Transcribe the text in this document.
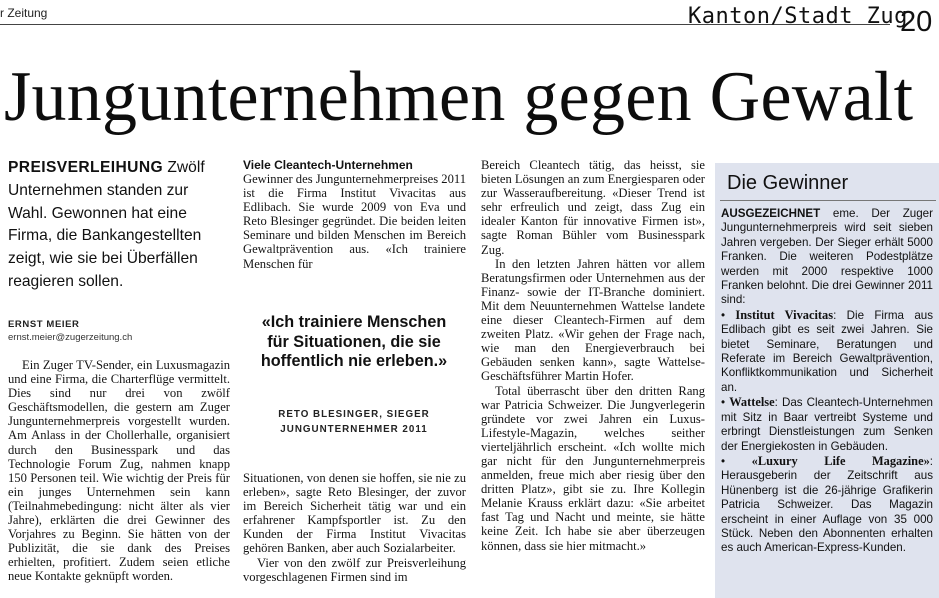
r Zeitung	Kanton/Stadt Zug
20
Jungunternehmen gegen Gewalt
PREISVERLEIHUNG Zwölf Unternehmen standen zur Wahl. Gewonnen hat eine Firma, die Bankangestellten zeigt, wie sie bei Überfällen reagieren sollen.
ERNST MEIER
ernst.meier@zugerzeitung.ch

Ein Zuger TV-Sender, ein Luxusmagazin und eine Firma, die Charterflüge vermittelt. Dies sind nur drei von zwölf Geschäftsmodellen, die gestern am Zuger Jungunternehmerpreis vorgestellt wurden. Am Anlass in der Chollerhalle, organisiert durch den Businesspark und das Technologie Forum Zug, nahmen knapp 150 Personen teil. Wie wichtig der Preis für ein junges Unternehmen sein kann (Teilnahmebedingung: nicht älter als vier Jahre), erklärten die drei Gewinner des Vorjahres zu Beginn. Sie hätten von der Publizität, die sie dank des Preises erhielten, profitiert. Zudem seien etliche neue Kontakte geknüpft worden.

Viele Cleantech-Unternehmen

Gewinner des Jungunternehmerpreises 2011 ist die Firma Institut Vivacitas aus Edlibach. Sie wurde 2009 von Eva und Reto Blesinger gegründet. Die beiden leiten Seminare und bilden Menschen im Bereich Gewaltprävention aus. «Ich trainiere Menschen für

«Ich trainiere Menschen für Situationen, die sie hoffentlich nie erleben.»
RETO BLESINGER, SIEGER JUNGUNTERNEHMER 2011

Situationen, von denen sie hoffen, sie nie zu erleben», sagte Reto Blesinger, der zuvor im Bereich Sicherheit tätig war und ein erfahrener Kampfsportler ist. Zu den Kunden der Firma Institut Vivacitas gehören Banken, aber auch Sozialarbeiter.

Vier von den zwölf zur Preisverleihung vorgeschlagenen Firmen sind im

Bereich Cleantech tätig, das heisst, sie bieten Lösungen an zum Energiesparen oder zur Wasseraufbereitung. «Dieser Trend ist sehr erfreulich und zeigt, dass Zug ein idealer Kanton für innovative Firmen ist», sagte Roman Bühler vom Businesspark Zug.

In den letzten Jahren hätten vor allem Beratungsfirmen oder Unternehmen aus der Finanz- sowie der IT-Branche dominiert. Mit dem Neuunternehmen Wattelse landete eine dieser Cleantech-Firmen auf dem zweiten Platz. «Wir gehen der Frage nach, wie man den Energieverbrauch bei Gebäuden senken kann», sagte Wattelse-Geschäftsführer Martin Hofer.

Total überrascht über den dritten Rang war Patricia Schweizer. Die Jungverlegerin gründete vor zwei Jahren ein Luxus-Lifestyle-Magazin, welches seither vierteljährlich erscheint. «Ich wollte mich gar nicht für den Jungunternehmerpreis anmelden, freue mich aber riesig über den dritten Platz», gibt sie zu. Ihre Kollegin Melanie Krauss erklärt dazu: «Sie arbeitet fast Tag und Nacht und meinte, sie hätte keine Zeit. Ich habe sie aber überzeugen können, dass sie hier mitmacht.»

Die Gewinner

AUSGEZEICHNET eme. Der Zuger Jungunternehmerpreis wird seit sieben Jahren vergeben. Der Sieger erhält 5000 Franken. Die weiteren Podestplätze werden mit 2000 respektive 1000 Franken belohnt. Die drei Gewinner 2011 sind:

• Institut Vivacitas: Die Firma aus Edlibach gibt es seit zwei Jahren. Sie bietet Seminare, Beratungen und Referate im Bereich Gewaltprävention, Konfliktkommunikation und Sicherheit an.

• Wattelse: Das Cleantech-Unternehmen mit Sitz in Baar vertreibt Systeme und erbringt Dienstleistungen zum Senken der Energiekosten in Gebäuden.

• «Luxury Life Magazine»: Herausgeberin der Zeitschrift aus Hünenberg ist die 26-jährige Grafikerin Patricia Schweizer. Das Magazin erscheint in einer Auflage von 35 000 Stück. Neben den Abonnenten erhalten es auch American-Express-Kunden.
